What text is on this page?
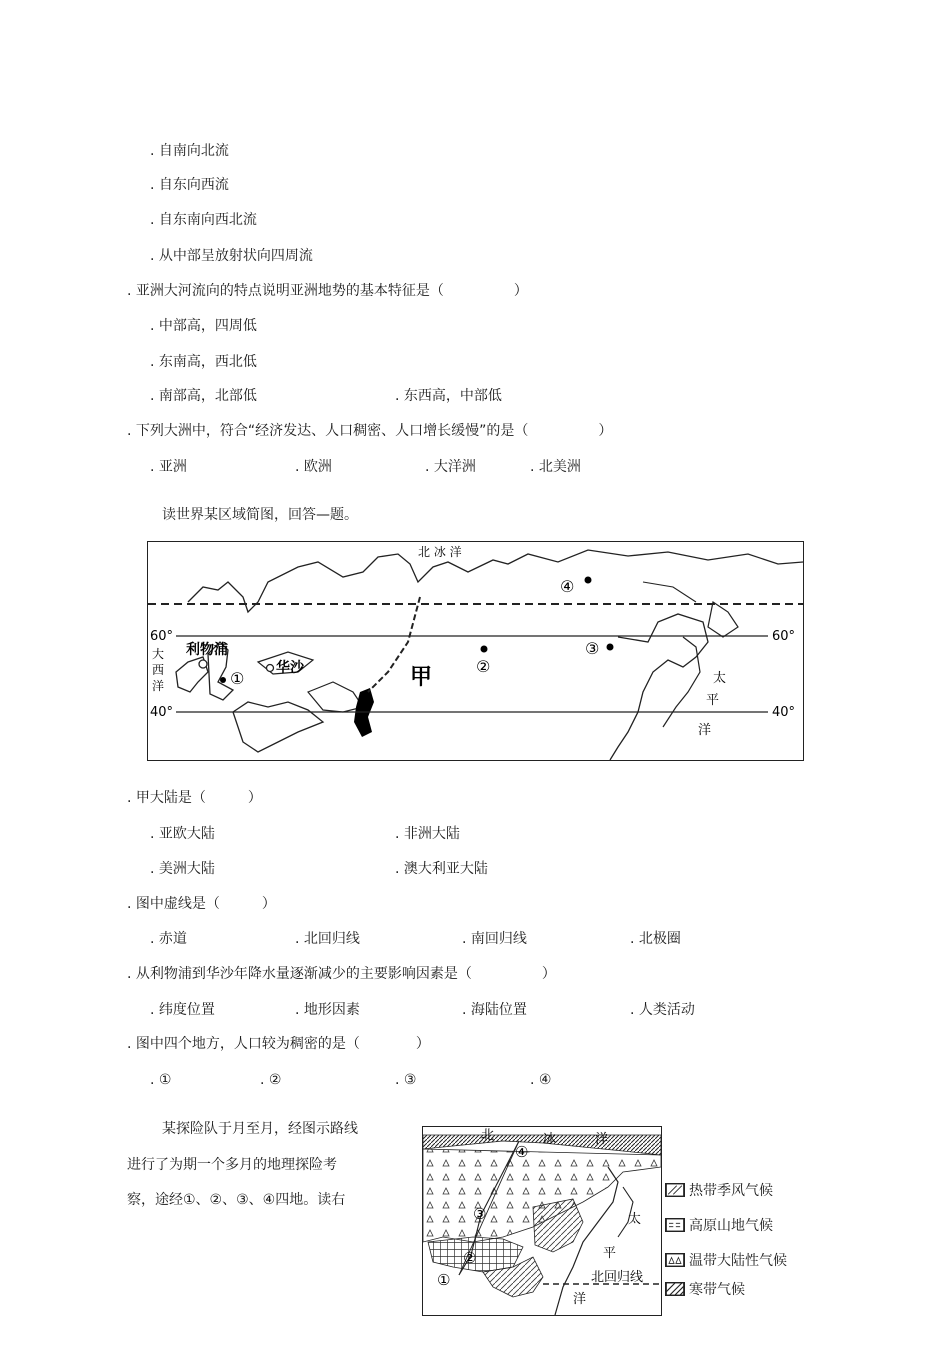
. 自南向北流
. 自东向西流
. 自东南向西北流
. 从中部呈放射状向四周流
. 亚洲大河流向的特点说明亚洲地势的基本特征是（　　　　　）
. 中部高，四周低
. 东南高，西北低
. 南部高，北部低	. 东西高，中部低
. 下列大洲中，符合“经济发达、人口稠密、人口增长缓慢”的是（　　　　　）
. 亚洲	. 欧洲	. 大洋洲	. 北美洲
读世界某区域简图，回答—题。
北 冰 洋
60°	60°
40°	40°
大
西
洋	太
平
洋
利物浦
华沙	甲
①
②
③
④
. 甲大陆是（　　　）
. 亚欧大陆	. 非洲大陆
. 美洲大陆	. 澳大利亚大陆
. 图中虚线是（　　　）
. 赤道	. 北回归线	. 南回归线	. 北极圈
. 从利物浦到华沙年降水量逐渐减少的主要影响因素是（　　　　　）
. 纬度位置	. 地形因素	. 海陆位置	. 人类活动
. 图中四个地方，人口较为稠密的是（　　　　）
. ①	. ②	. ③	. ④
某探险队于月至月，经图示路线
进行了为期一个多月的地理探险考
察，途经①、②、③、④四地。读右
北	冰	洋
太
平
北回归线
洋
①
②
③
④
热带季风气候
高原山地气候
温带大陆性气候
寒带气候
